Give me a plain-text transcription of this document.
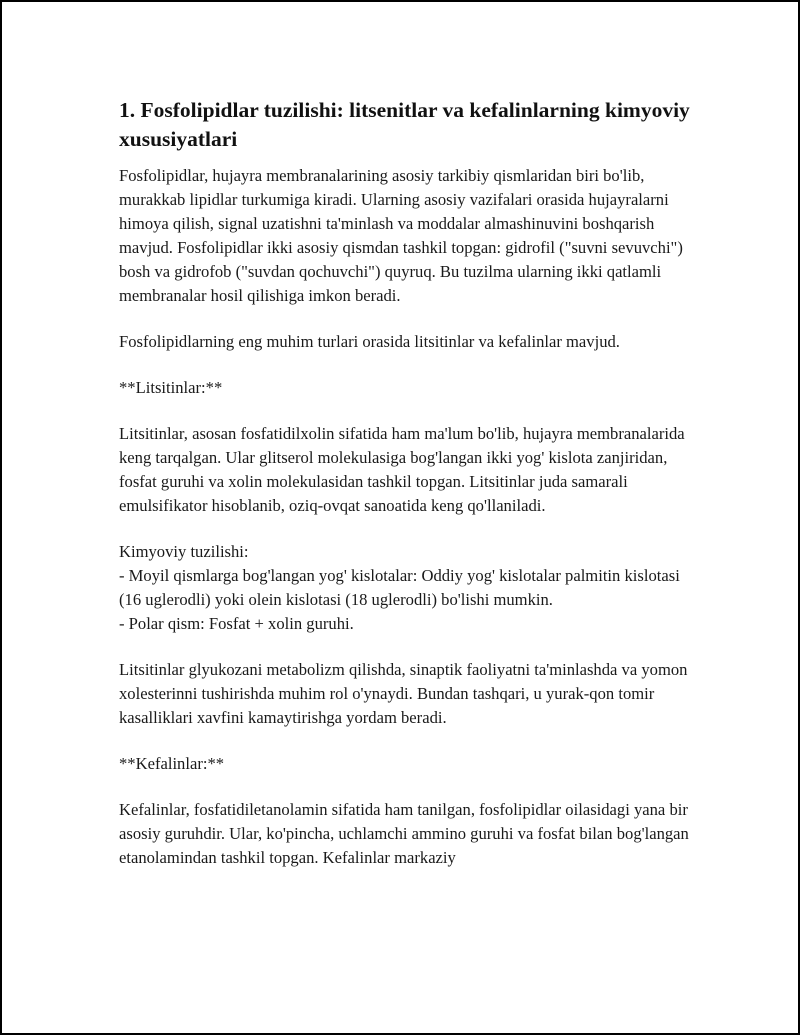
1. Fosfolipidlar tuzilishi: litsenitlar va kefalinlarning kimyoviy xususiyatlari

Fosfolipidlar, hujayra membranalarining asosiy tarkibiy qismlaridan biri bo'lib, murakkab lipidlar turkumiga kiradi. Ularning asosiy vazifalari orasida hujayralarni himoya qilish, signal uzatishni ta'minlash va moddalar almashinuvini boshqarish mavjud. Fosfolipidlar ikki asosiy qismdan tashkil topgan: gidrofil ("suvni sevuvchi") bosh va gidrofob ("suvdan qochuvchi") quyruq. Bu tuzilma ularning ikki qatlamli membranalar hosil qilishiga imkon beradi.

Fosfolipidlarning eng muhim turlari orasida litsitinlar va kefalinlar mavjud.

**Litsitinlar:**

Litsitinlar, asosan fosfatidilxolin sifatida ham ma'lum bo'lib, hujayra membranalarida keng tarqalgan. Ular glitserol molekulasiga bog'langan ikki yog' kislota zanjiridan, fosfat guruhi va xolin molekulasidan tashkil topgan. Litsitinlar juda samarali emulsifikator hisoblanib, oziq-ovqat sanoatida keng qo'llaniladi.

Kimyoviy tuzilishi:
- Moyil qismlarga bog'langan yog' kislotalar: Oddiy yog' kislotalar palmitin kislotasi (16 uglerodli) yoki olein kislotasi (18 uglerodli) bo'lishi mumkin.
- Polar qism: Fosfat + xolin guruhi.

Litsitinlar glyukozani metabolizm qilishda, sinaptik faoliyatni ta'minlashda va yomon xolesterinni tushirishda muhim rol o'ynaydi. Bundan tashqari, u yurak-qon tomir kasalliklari xavfini kamaytirishga yordam beradi.

**Kefalinlar:**

Kefalinlar, fosfatidiletanolamin sifatida ham tanilgan, fosfolipidlar oilasidagi yana bir asosiy guruhdir. Ular, ko'pincha, uchlamchi ammino guruhi va fosfat bilan bog'langan etanolamindan tashkil topgan. Kefalinlar markaziy
